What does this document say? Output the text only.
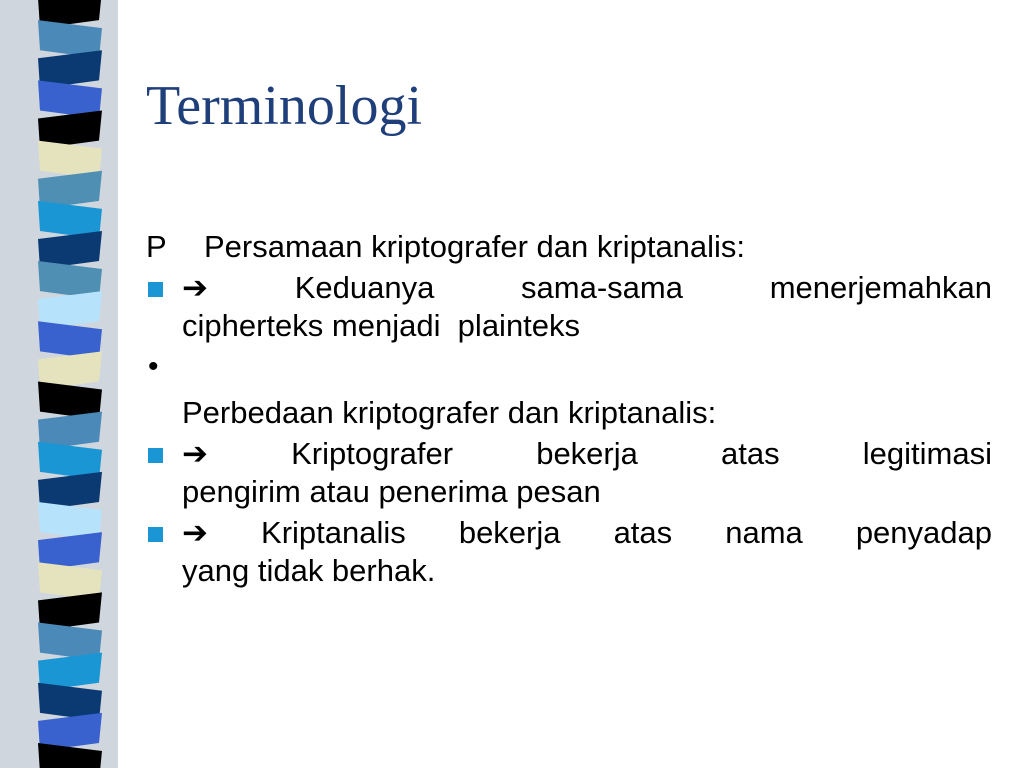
Terminologi
P Persamaan kriptografer dan kriptanalis:
➔	Keduanya	sama-sama	menerjemahkan
cipherteks menjadi  plainteks
•
Perbedaan kriptografer dan kriptanalis:
➔	Kriptografer	bekerja	atas	legitimasi
pengirim atau penerima pesan
➔ Kriptanalis bekerja atas nama penyadap
yang tidak berhak.
